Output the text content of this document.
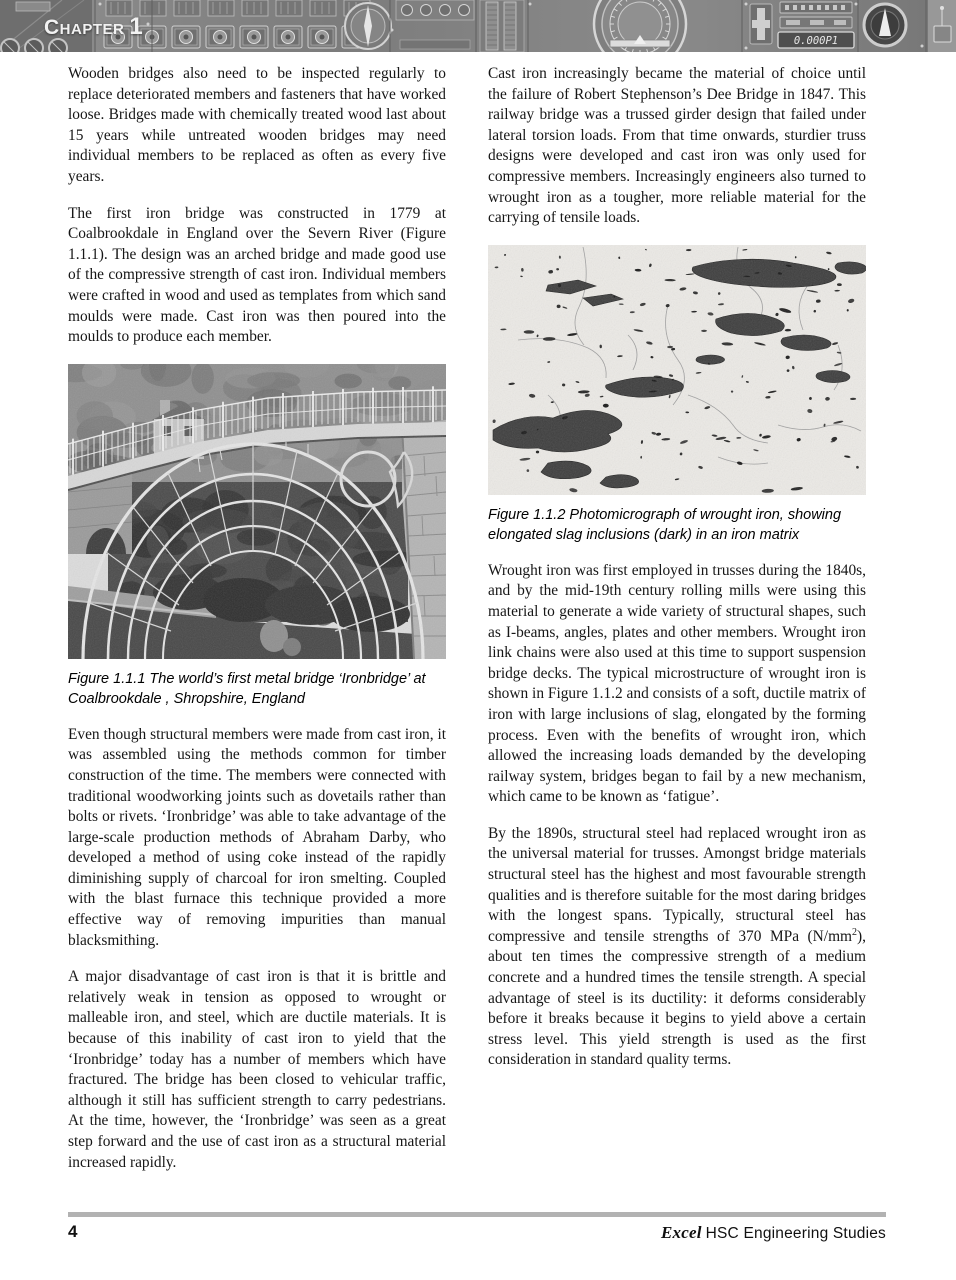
0.000P1
Chapter 1

Wooden bridges also need to be inspected regularly to replace deteriorated members and fasteners that have worked loose. Bridges made with chemically treated wood last about 15 years while untreated wooden bridges may need individual members to be replaced as often as every five years.

The first iron bridge was constructed in 1779 at Coalbrookdale in England over the Severn River (Figure 1.1.1). The design was an arched bridge and made good use of the compressive strength of cast iron. Individual members were crafted in wood and used as templates from which sand moulds were made. Cast iron was then poured into the moulds to produce each member.

Figure 1.1.1 The world’s first metal bridge ‘Ironbridge’ at Coalbrookdale , Shropshire, England

Even though structural members were made from cast iron, it was assembled using the methods common for timber construction of the time. The members were connected with traditional woodworking joints such as dovetails rather than bolts or rivets. ‘Ironbridge’ was able to take advantage of the large-scale production methods of Abraham Darby, who developed a method of using coke instead of the rapidly diminishing supply of charcoal for iron smelting. Coupled with the blast furnace this technique provided a more effective way of removing impurities than manual blacksmithing.

A major disadvantage of cast iron is that it is brittle and relatively weak in tension as opposed to wrought or malleable iron, and steel, which are ductile materials. It is because of this inability of cast iron to yield that the ‘Ironbridge’ today has a number of members which have fractured. The bridge has been closed to vehicular traffic, although it still has sufficient strength to carry pedestrians. At the time, however, the ‘Ironbridge’ was seen as a great step forward and the use of cast iron as a structural material increased rapidly.

Cast iron increasingly became the material of choice until the failure of Robert Stephenson’s Dee Bridge in 1847. This railway bridge was a trussed girder design that failed under lateral torsion loads. From that time onwards, sturdier truss designs were developed and cast iron was only used for compressive members. Increasingly engineers also turned to wrought iron as a tougher, more reliable material for the carrying of tensile loads.

Figure 1.1.2 Photomicrograph of wrought iron, showing elongated slag inclusions (dark) in an iron matrix

Wrought iron was first employed in trusses during the 1840s, and by the mid-19th century rolling mills were using this material to generate a wide variety of structural shapes, such as I-beams, angles, plates and other members. Wrought iron link chains were also used at this time to support suspension bridge decks. The typical microstructure of wrought iron is shown in Figure 1.1.2 and consists of a soft, ductile matrix of iron with large inclusions of slag, elongated by the forming process. Even with the benefits of wrought iron, which allowed the increasing loads demanded by the developing railway system, bridges began to fail by a new mechanism, which came to be known as ‘fatigue’.

By the 1890s, structural steel had replaced wrought iron as the universal material for trusses. Amongst bridge materials structural steel has the highest and most favourable strength qualities and is therefore suitable for the most daring bridges with the longest spans. Typically, structural steel has compressive and tensile strengths of 370 MPa $(N/mm^2)$, about ten times the compressive strength of a medium concrete and a hundred times the tensile strength. A special advantage of steel is its ductility: it deforms considerably before it breaks because it begins to yield above a certain stress level. This yield strength is used as the first consideration in standard quality terms.

4	Excel HSC Engineering Studies
